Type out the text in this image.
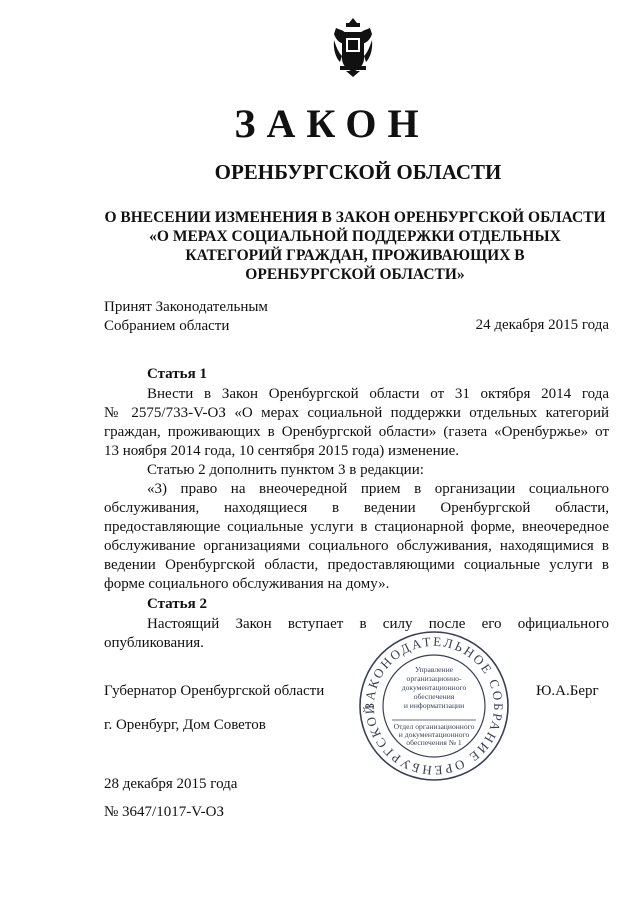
ЗАКОН
ОРЕНБУРГСКОЙ ОБЛАСТИ
О ВНЕСЕНИИ ИЗМЕНЕНИЯ В ЗАКОН ОРЕНБУРГСКОЙ ОБЛАСТИ
«О МЕРАХ СОЦИАЛЬНОЙ ПОДДЕРЖКИ ОТДЕЛЬНЫХ
КАТЕГОРИЙ ГРАЖДАН, ПРОЖИВАЮЩИХ В
ОРЕНБУРГСКОЙ ОБЛАСТИ»
Принят Законодательным
Собранием области	24 декабря 2015 года
Статья 1
Внести в Закон Оренбургской области от 31 октября 2014 года
№ 2575/733-V-ОЗ «О мерах социальной поддержки отдельных категорий
граждан, проживающих в Оренбургской области» (газета «Оренбуржье» от
13 ноября 2014 года, 10 сентября 2015 года) изменение.
Статью 2 дополнить пунктом 3 в редакции:
«3) право на внеочередной прием в организации социального
обслуживания, находящиеся в ведении Оренбургской области,
предоставляющие социальные услуги в стационарной форме, внеочередное
обслуживание организациями социального обслуживания, находящимися в
ведении Оренбургской области, предоставляющими социальные услуги в
форме социального обслуживания на дому».
Статья 2
Настоящий Закон вступает в силу после его официального
опубликования.
ЗАКОНОДАТЕЛЬНОЕ СОБРАНИЕ ОРЕНБУРГСКОЙ
Управление
организационно-
документационного
обеспечения
и информатизации
Отдел организационного
и документационного
обеспечения № 1
Губернатор Оренбургской области	Ю.А.Берг
г. Оренбург, Дом Советов
28 декабря 2015 года
№ 3647/1017-V-ОЗ
